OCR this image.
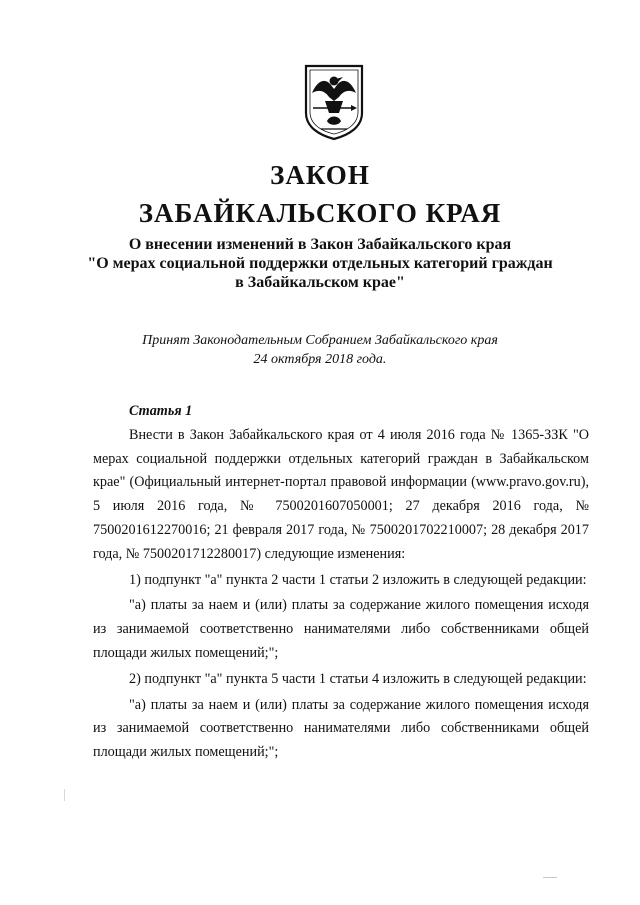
ЗАКОН
ЗАБАЙКАЛЬСКОГО КРАЯ
О внесении изменений в Закон Забайкальского края
"О мерах социальной поддержки отдельных категорий граждан
в Забайкальском крае"
Принят Законодательным Собранием Забайкальского края
24 октября 2018 года.

Статья 1

Внести в Закон Забайкальского края от 4 июля 2016 года № 1365-ЗЗК "О мерах социальной поддержки отдельных категорий граждан в Забайкальском крае" (Официальный интернет-портал правовой информации (www.pravo.gov.ru), 5 июля 2016 года, № 7500201607050001; 27 декабря 2016 года, № 7500201612270016; 21 февраля 2017 года, № 7500201702210007; 28 декабря 2017 года, № 7500201712280017) следующие изменения:

1) подпункт "а" пункта 2 части 1 статьи 2 изложить в следующей редакции:

"а) платы за наем и (или) платы за содержание жилого помещения исходя из занимаемой соответственно нанимателями либо собственниками общей площади жилых помещений;";

2) подпункт "а" пункта 5 части 1 статьи 4 изложить в следующей редакции:

"а) платы за наем и (или) платы за содержание жилого помещения исходя из занимаемой соответственно нанимателями либо собственниками общей площади жилых помещений;";
